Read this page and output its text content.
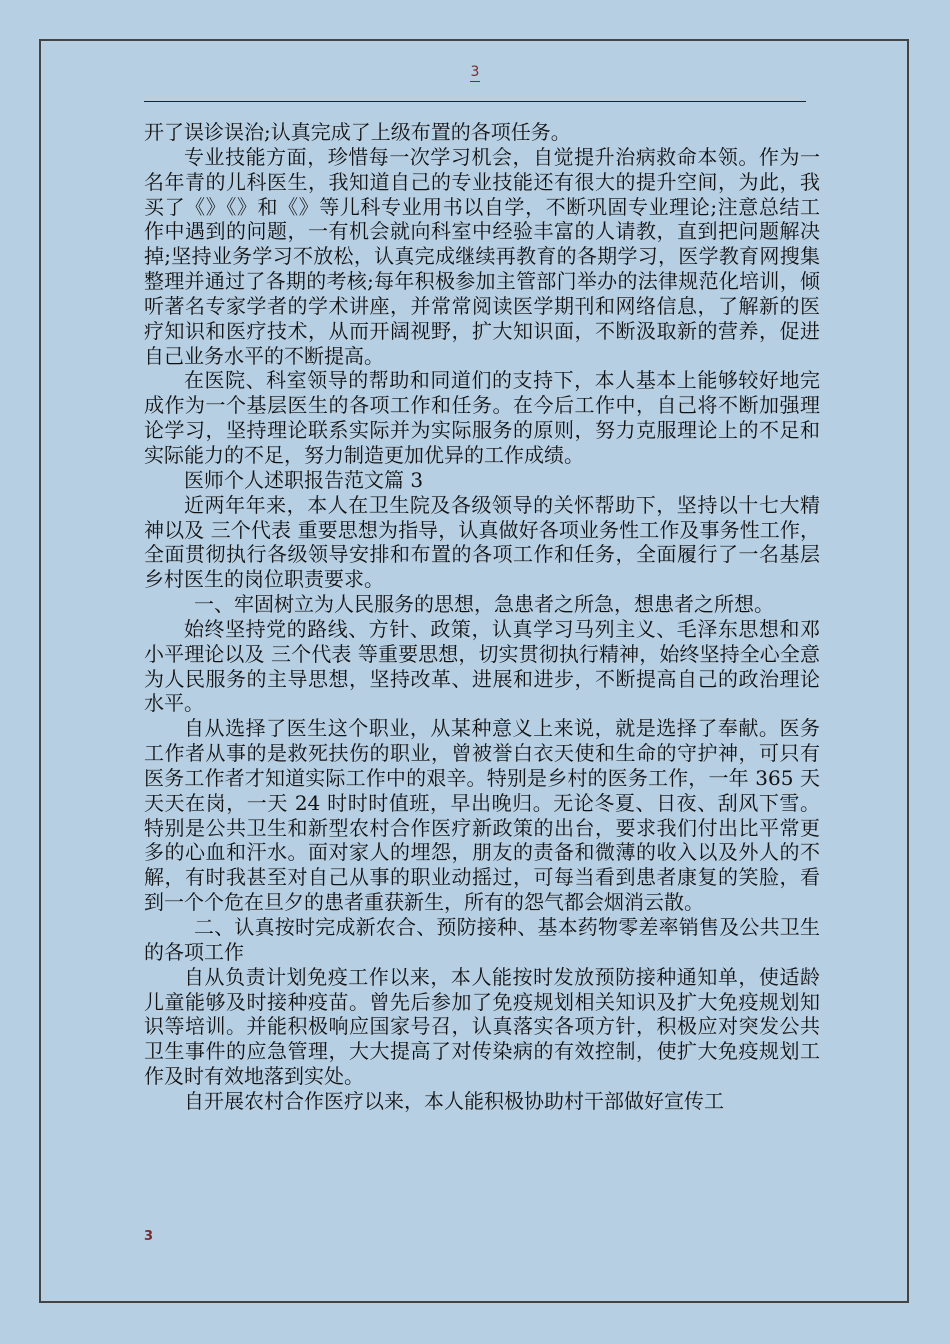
3

开了误诊误治;认真完成了上级布置的各项任务。

专业技能方面，珍惜每一次学习机会，自觉提升治病救命本领。作为一名年青的儿科医生，我知道自己的专业技能还有很大的提升空间，为此，我买了《》《》和《》等儿科专业用书以自学，不断巩固专业理论;注意总结工作中遇到的问题，一有机会就向科室中经验丰富的人请教，直到把问题解决掉;坚持业务学习不放松，认真完成继续再教育的各期学习，医学教育网搜集整理并通过了各期的考核;每年积极参加主管部门举办的法律规范化培训，倾听著名专家学者的学术讲座，并常常阅读医学期刊和网络信息，了解新的医疗知识和医疗技术，从而开阔视野，扩大知识面，不断汲取新的营养，促进自己业务水平的不断提高。

在医院、科室领导的帮助和同道们的支持下，本人基本上能够较好地完成作为一个基层医生的各项工作和任务。在今后工作中，自己将不断加强理论学习，坚持理论联系实际并为实际服务的原则，努力克服理论上的不足和实际能力的不足，努力制造更加优异的工作成绩。

医师个人述职报告范文篇 3

近两年年来，本人在卫生院及各级领导的关怀帮助下，坚持以十七大精神以及 三个代表 重要思想为指导，认真做好各项业务性工作及事务性工作，全面贯彻执行各级领导安排和布置的各项工作和任务，全面履行了一名基层乡村医生的岗位职责要求。

一、牢固树立为人民服务的思想，急患者之所急，想患者之所想。

始终坚持党的路线、方针、政策，认真学习马列主义、毛泽东思想和邓小平理论以及 三个代表 等重要思想，切实贯彻执行精神，始终坚持全心全意为人民服务的主导思想，坚持改革、进展和进步，不断提高自己的政治理论水平。

自从选择了医生这个职业，从某种意义上来说，就是选择了奉献。医务工作者从事的是救死扶伤的职业，曾被誉白衣天使和生命的守护神，可只有医务工作者才知道实际工作中的艰辛。特别是乡村的医务工作，一年 365 天天天在岗，一天 24 时时时值班，早出晚归。无论冬夏、日夜、刮风下雪。特别是公共卫生和新型农村合作医疗新政策的出台，要求我们付出比平常更多的心血和汗水。面对家人的埋怨，朋友的责备和微薄的收入以及外人的不解，有时我甚至对自己从事的职业动摇过，可每当看到患者康复的笑脸，看到一个个危在旦夕的患者重获新生，所有的怨气都会烟消云散。

二、认真按时完成新农合、预防接种、基本药物零差率销售及公共卫生的各项工作

自从负责计划免疫工作以来，本人能按时发放预防接种通知单，使适龄儿童能够及时接种疫苗。曾先后参加了免疫规划相关知识及扩大免疫规划知识等培训。并能积极响应国家号召，认真落实各项方针，积极应对突发公共卫生事件的应急管理，大大提高了对传染病的有效控制，使扩大免疫规划工作及时有效地落到实处。

自开展农村合作医疗以来，本人能积极协助村干部做好宣传工

3
